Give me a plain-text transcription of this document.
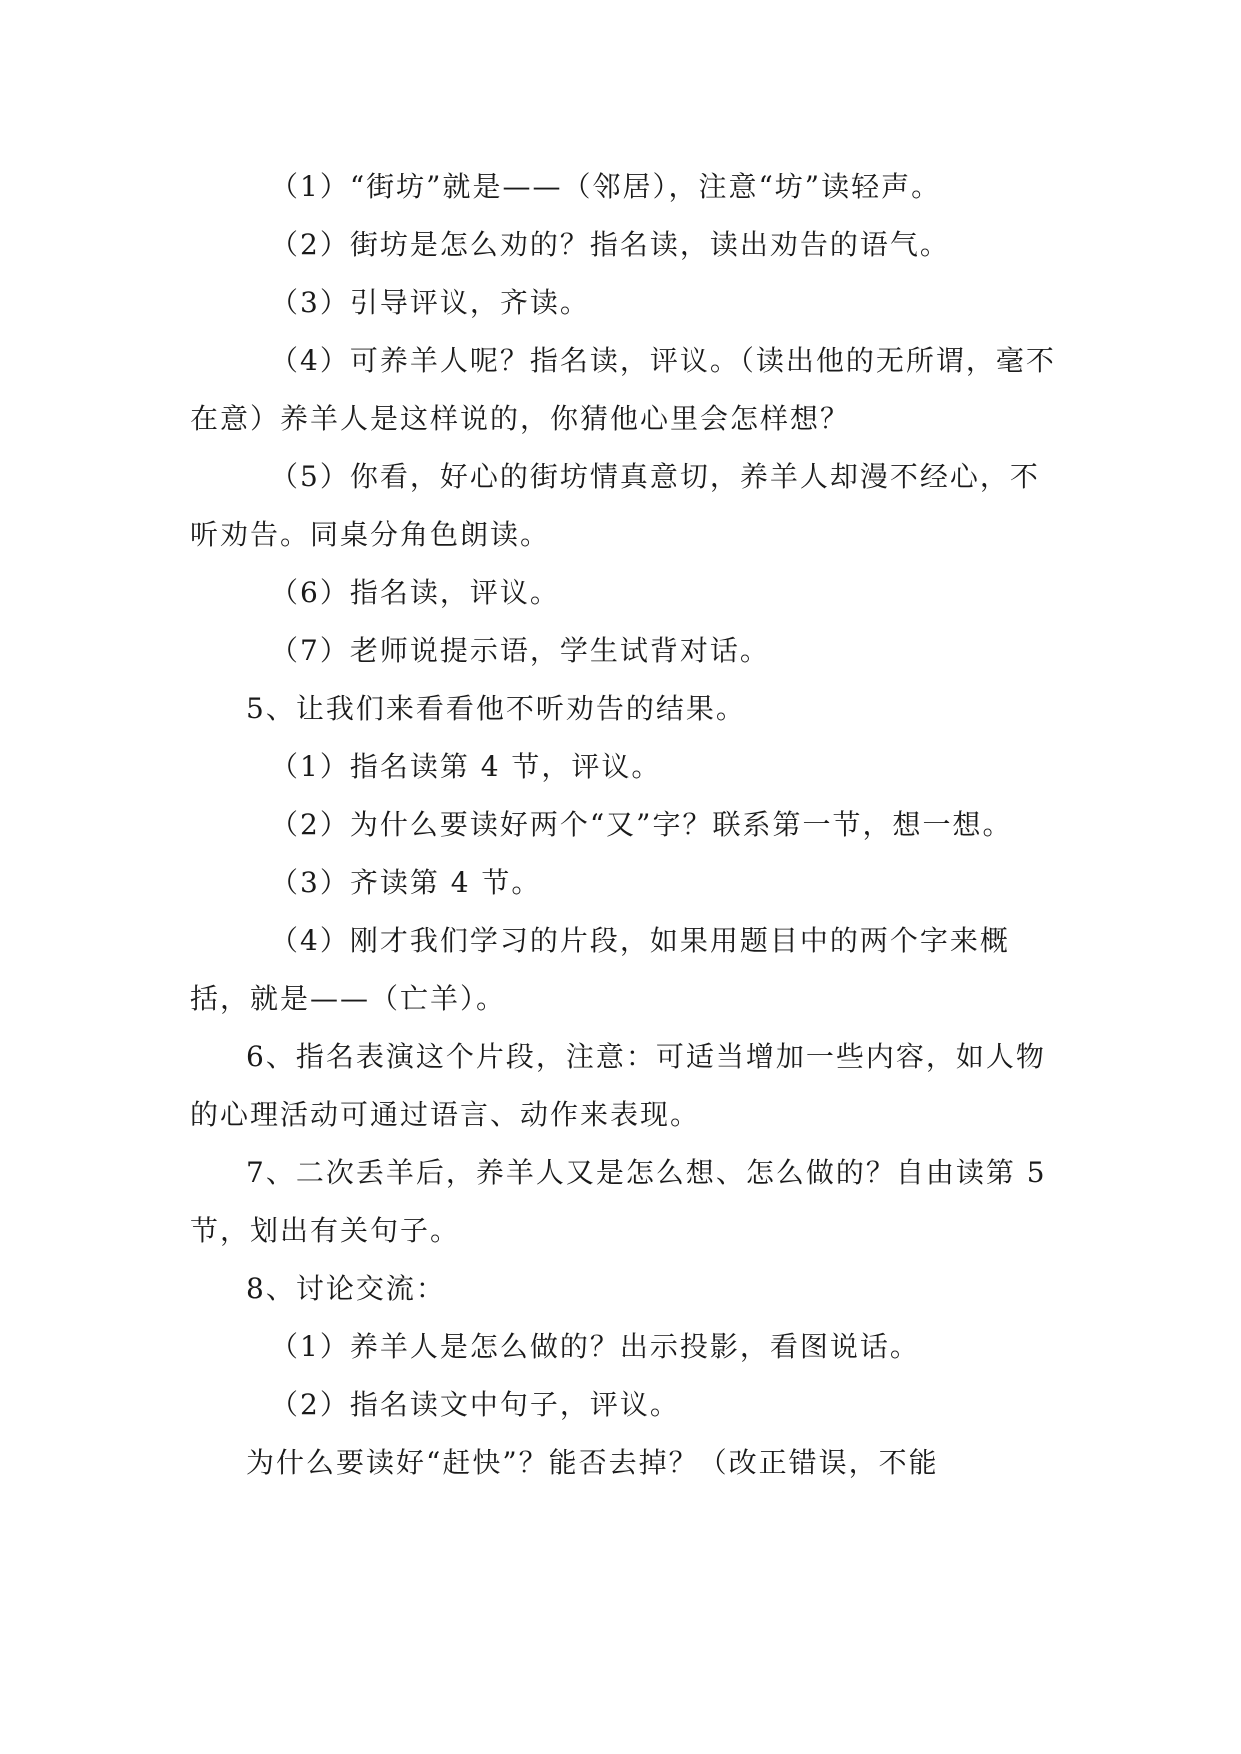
（1）“街坊”就是——（邻居），注意“坊”读轻声。

（2）街坊是怎么劝的？指名读，读出劝告的语气。

（3）引导评议，齐读。

（4）可养羊人呢？指名读，评议。（读出他的无所谓，毫不在意）养羊人是这样说的，你猜他心里会怎样想？

（5）你看，好心的街坊情真意切，养羊人却漫不经心，不听劝告。同桌分角色朗读。

（6）指名读，评议。

（7）老师说提示语，学生试背对话。

5、让我们来看看他不听劝告的结果。

（1）指名读第 4 节，评议。

（2）为什么要读好两个“又”字？联系第一节，想一想。

（3）齐读第 4 节。

（4）刚才我们学习的片段，如果用题目中的两个字来概括，就是——（亡羊）。

6、指名表演这个片段，注意：可适当增加一些内容，如人物的心理活动可通过语言、动作来表现。

7、二次丢羊后，养羊人又是怎么想、怎么做的？自由读第 5 节，划出有关句子。

8、讨论交流：

（1）养羊人是怎么做的？出示投影，看图说话。

（2）指名读文中句子，评议。

为什么要读好“赶快”？能否去掉？（改正错误，不能
